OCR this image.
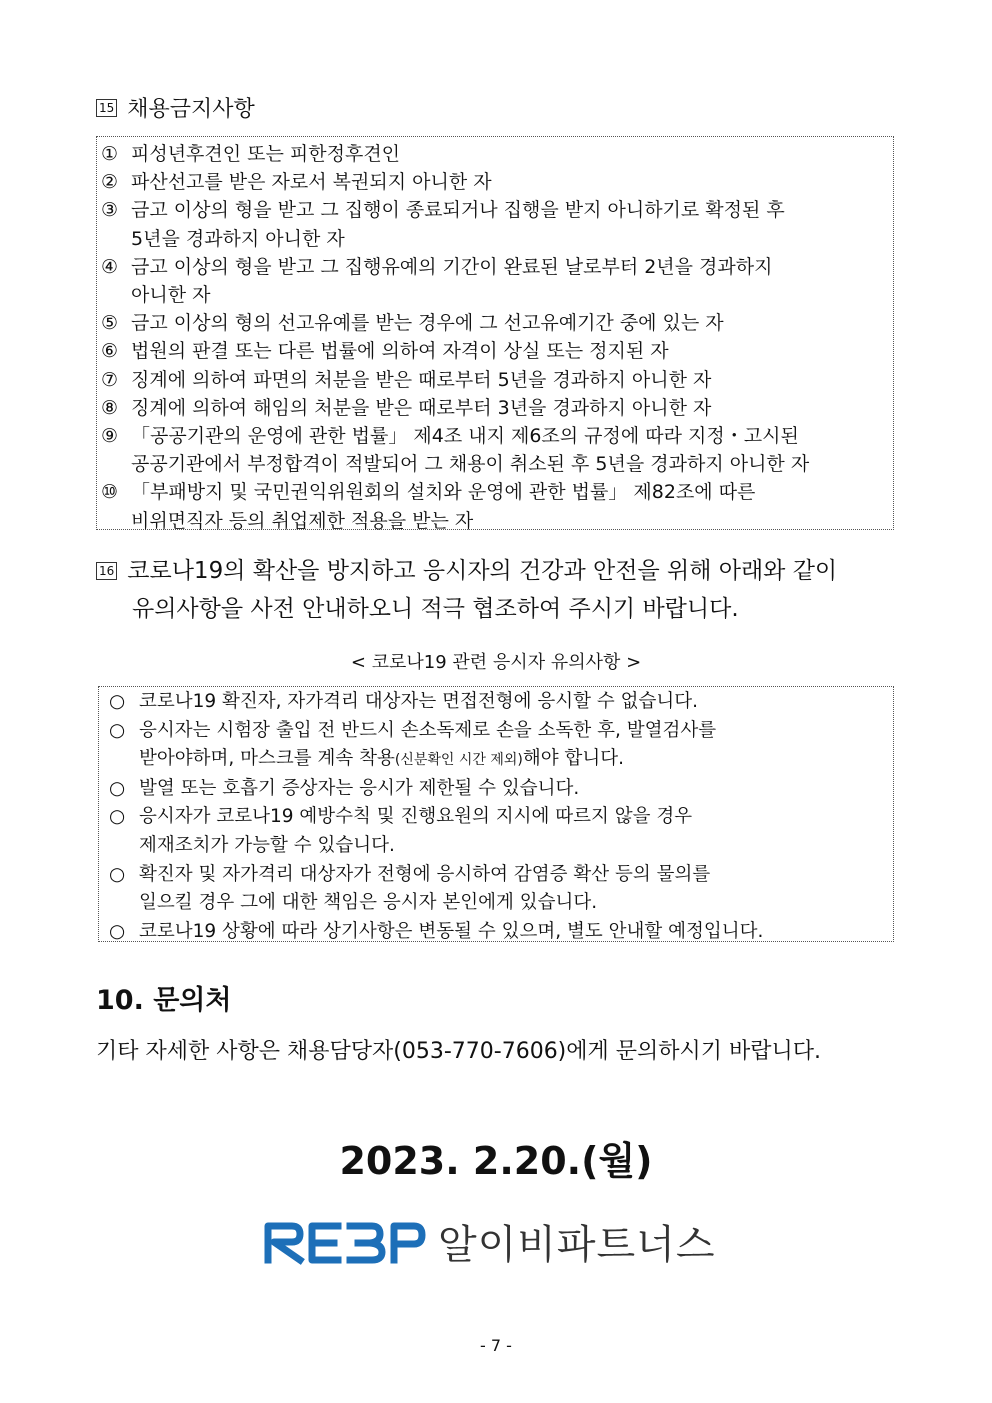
15 채용금지사항
① 피성년후견인 또는 피한정후견인
② 파산선고를 받은 자로서 복권되지 아니한 자
③ 금고 이상의 형을 받고 그 집행이 종료되거나 집행을 받지 아니하기로 확정된 후
5년을 경과하지 아니한 자
④ 금고 이상의 형을 받고 그 집행유예의 기간이 완료된 날로부터 2년을 경과하지
아니한 자
⑤ 금고 이상의 형의 선고유예를 받는 경우에 그 선고유예기간 중에 있는 자
⑥ 법원의 판결 또는 다른 법률에 의하여 자격이 상실 또는 정지된 자
⑦ 징계에 의하여 파면의 처분을 받은 때로부터 5년을 경과하지 아니한 자
⑧ 징계에 의하여 해임의 처분을 받은 때로부터 3년을 경과하지 아니한 자
⑨ 「공공기관의 운영에 관한 법률」 제4조 내지 제6조의 규정에 따라 지정・고시된
공공기관에서 부정합격이 적발되어 그 채용이 취소된 후 5년을 경과하지 아니한 자
⑩ 「부패방지 및 국민권익위원회의 설치와 운영에 관한 법률」 제82조에 따른
비위면직자 등의 취업제한 적용을 받는 자
16 코로나19의 확산을 방지하고 응시자의 건강과 안전을 위해 아래와 같이
유의사항을 사전 안내하오니 적극 협조하여 주시기 바랍니다.
< 코로나19 관련 응시자 유의사항 >
○ 코로나19 확진자, 자가격리 대상자는 면접전형에 응시할 수 없습니다.
○ 응시자는 시험장 출입 전 반드시 손소독제로 손을 소독한 후, 발열검사를
받아야하며, 마스크를 계속 착용(신분확인 시간 제외)해야 합니다.
○ 발열 또는 호흡기 증상자는 응시가 제한될 수 있습니다.
○ 응시자가 코로나19 예방수칙 및 진행요원의 지시에 따르지 않을 경우
제재조치가 가능할 수 있습니다.
○ 확진자 및 자가격리 대상자가 전형에 응시하여 감염증 확산 등의 물의를
일으킬 경우 그에 대한 책임은 응시자 본인에게 있습니다.
○ 코로나19 상황에 따라 상기사항은 변동될 수 있으며, 별도 안내할 예정입니다.
10. 문의처
기타 자세한 사항은 채용담당자(053-770-7606)에게 문의하시기 바랍니다.
2023. 2.20.(월)
알이비파트너스
- 7 -
